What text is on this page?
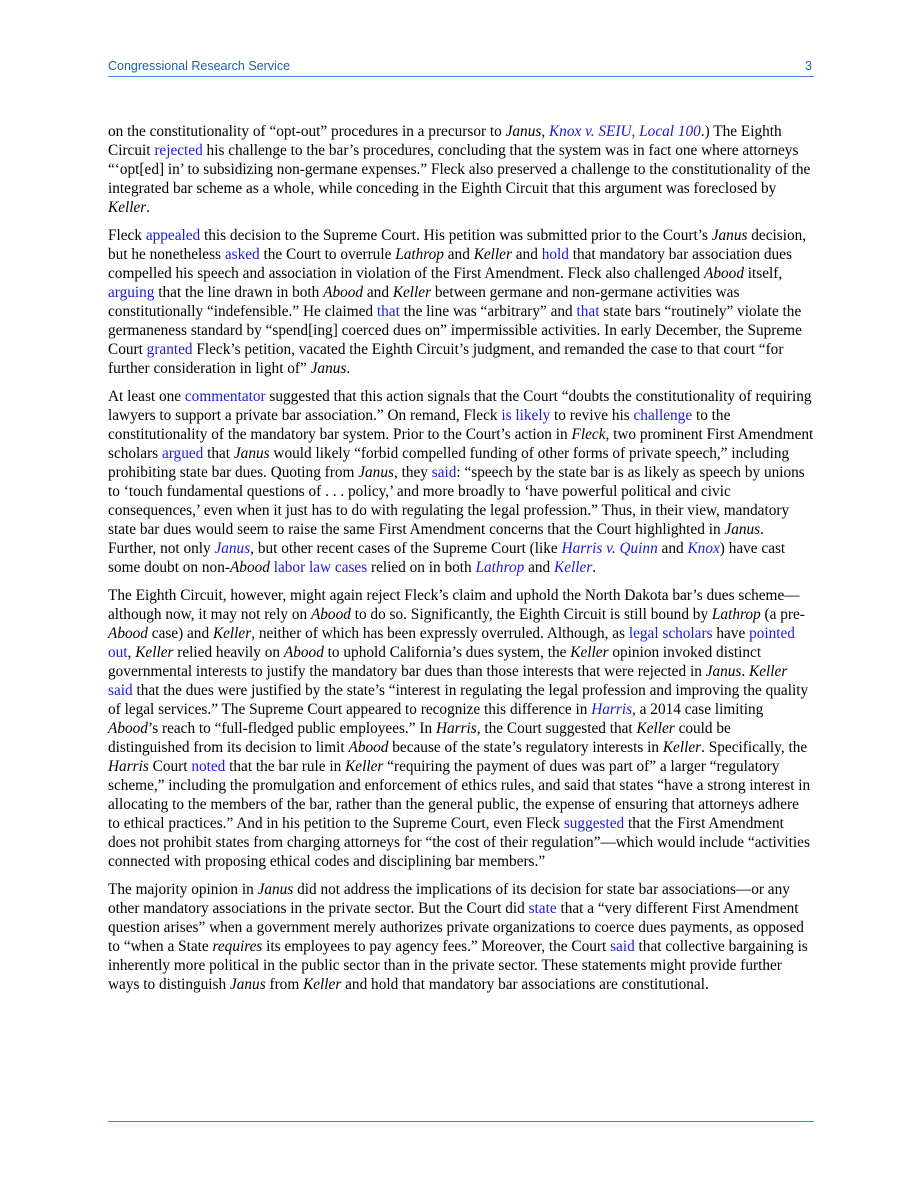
Congressional Research Service	3

on the constitutionality of “opt-out” procedures in a precursor to Janus, Knox v. SEIU, Local 100.) The Eighth Circuit rejected his challenge to the bar’s procedures, concluding that the system was in fact one where attorneys “‘opt[ed] in’ to subsidizing non-germane expenses.” Fleck also preserved a challenge to the constitutionality of the integrated bar scheme as a whole, while conceding in the Eighth Circuit that this argument was foreclosed by Keller.

Fleck appealed this decision to the Supreme Court. His petition was submitted prior to the Court’s Janus decision, but he nonetheless asked the Court to overrule Lathrop and Keller and hold that mandatory bar association dues compelled his speech and association in violation of the First Amendment. Fleck also challenged Abood itself, arguing that the line drawn in both Abood and Keller between germane and non-germane activities was constitutionally “indefensible.” He claimed that the line was “arbitrary” and that state bars “routinely” violate the germaneness standard by “spend[ing] coerced dues on” impermissible activities. In early December, the Supreme Court granted Fleck’s petition, vacated the Eighth Circuit’s judgment, and remanded the case to that court “for further consideration in light of” Janus.

At least one commentator suggested that this action signals that the Court “doubts the constitutionality of requiring lawyers to support a private bar association.” On remand, Fleck is likely to revive his challenge to the constitutionality of the mandatory bar system. Prior to the Court’s action in Fleck, two prominent First Amendment scholars argued that Janus would likely “forbid compelled funding of other forms of private speech,” including prohibiting state bar dues. Quoting from Janus, they said: “speech by the state bar is as likely as speech by unions to ‘touch fundamental questions of . . . policy,’ and more broadly to ‘have powerful political and civic consequences,’ even when it just has to do with regulating the legal profession.” Thus, in their view, mandatory state bar dues would seem to raise the same First Amendment concerns that the Court highlighted in Janus. Further, not only Janus, but other recent cases of the Supreme Court (like Harris v. Quinn and Knox) have cast some doubt on non-Abood labor law cases relied on in both Lathrop and Keller.

The Eighth Circuit, however, might again reject Fleck’s claim and uphold the North Dakota bar’s dues scheme—although now, it may not rely on Abood to do so. Significantly, the Eighth Circuit is still bound by Lathrop (a pre-Abood case) and Keller, neither of which has been expressly overruled. Although, as legal scholars have pointed out, Keller relied heavily on Abood to uphold California’s dues system, the Keller opinion invoked distinct governmental interests to justify the mandatory bar dues than those interests that were rejected in Janus. Keller said that the dues were justified by the state’s “interest in regulating the legal profession and improving the quality of legal services.” The Supreme Court appeared to recognize this difference in Harris, a 2014 case limiting Abood’s reach to “full-fledged public employees.” In Harris, the Court suggested that Keller could be distinguished from its decision to limit Abood because of the state’s regulatory interests in Keller. Specifically, the Harris Court noted that the bar rule in Keller “requiring the payment of dues was part of” a larger “regulatory scheme,” including the promulgation and enforcement of ethics rules, and said that states “have a strong interest in allocating to the members of the bar, rather than the general public, the expense of ensuring that attorneys adhere to ethical practices.” And in his petition to the Supreme Court, even Fleck suggested that the First Amendment does not prohibit states from charging attorneys for “the cost of their regulation”—which would include “activities connected with proposing ethical codes and disciplining bar members.”

The majority opinion in Janus did not address the implications of its decision for state bar associations—or any other mandatory associations in the private sector. But the Court did state that a “very different First Amendment question arises” when a government merely authorizes private organizations to coerce dues payments, as opposed to “when a State requires its employees to pay agency fees.” Moreover, the Court said that collective bargaining is inherently more political in the public sector than in the private sector. These statements might provide further ways to distinguish Janus from Keller and hold that mandatory bar associations are constitutional.
